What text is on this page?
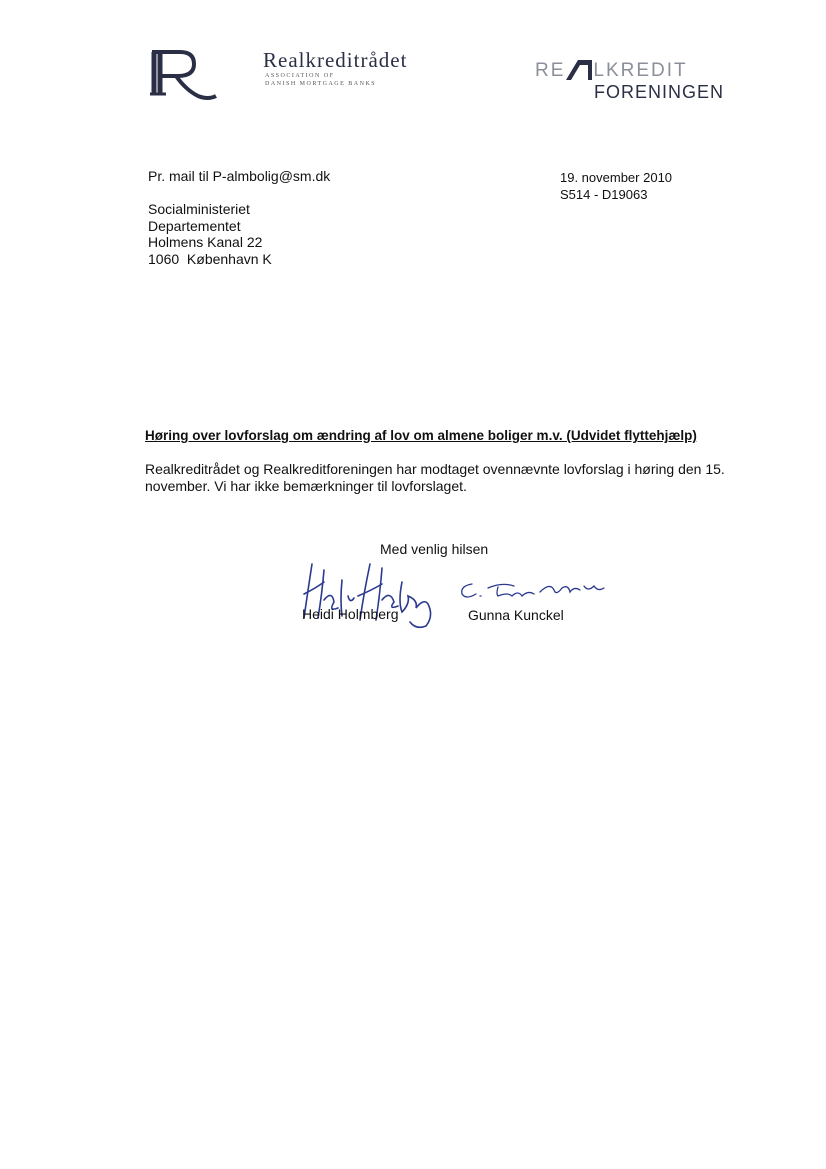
Realkreditrådet
ASSOCIATION OF
DANISH MORTGAGE BANKS
RE LKREDIT
FORENINGEN
Pr. mail til P-almbolig@sm.dk	19. november 2010
S514 - D19063
Socialministeriet
Departementet
Holmens Kanal 22
1060  København K
Høring over lovforslag om ændring af lov om almene boliger m.v. (Udvidet flyttehjælp)
Realkreditrådet og Realkreditforeningen har modtaget ovennævnte lovforslag i høring den 15. november. Vi har ikke bemærkninger til lovforslaget.
Med venlig hilsen
Heidi Holmberg	Gunna Kunckel
